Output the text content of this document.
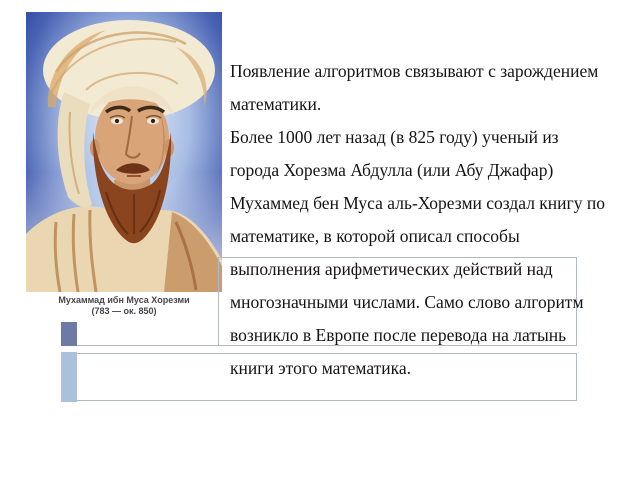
Мухаммад ибн Муса Хорезми
(783 — ок. 850)
Появление алгоритмов связывают с зарождением
математики.
Более 1000 лет назад (в 825 году) ученый из
города Хорезма Абдулла (или Абу Джафар)
Мухаммед бен Муса аль-Хорезми создал книгу по
математике, в которой описал способы
выполнения арифметических действий над
многозначными числами. Само слово алгоритм
возникло в Европе после перевода на латынь
книги этого математика.
